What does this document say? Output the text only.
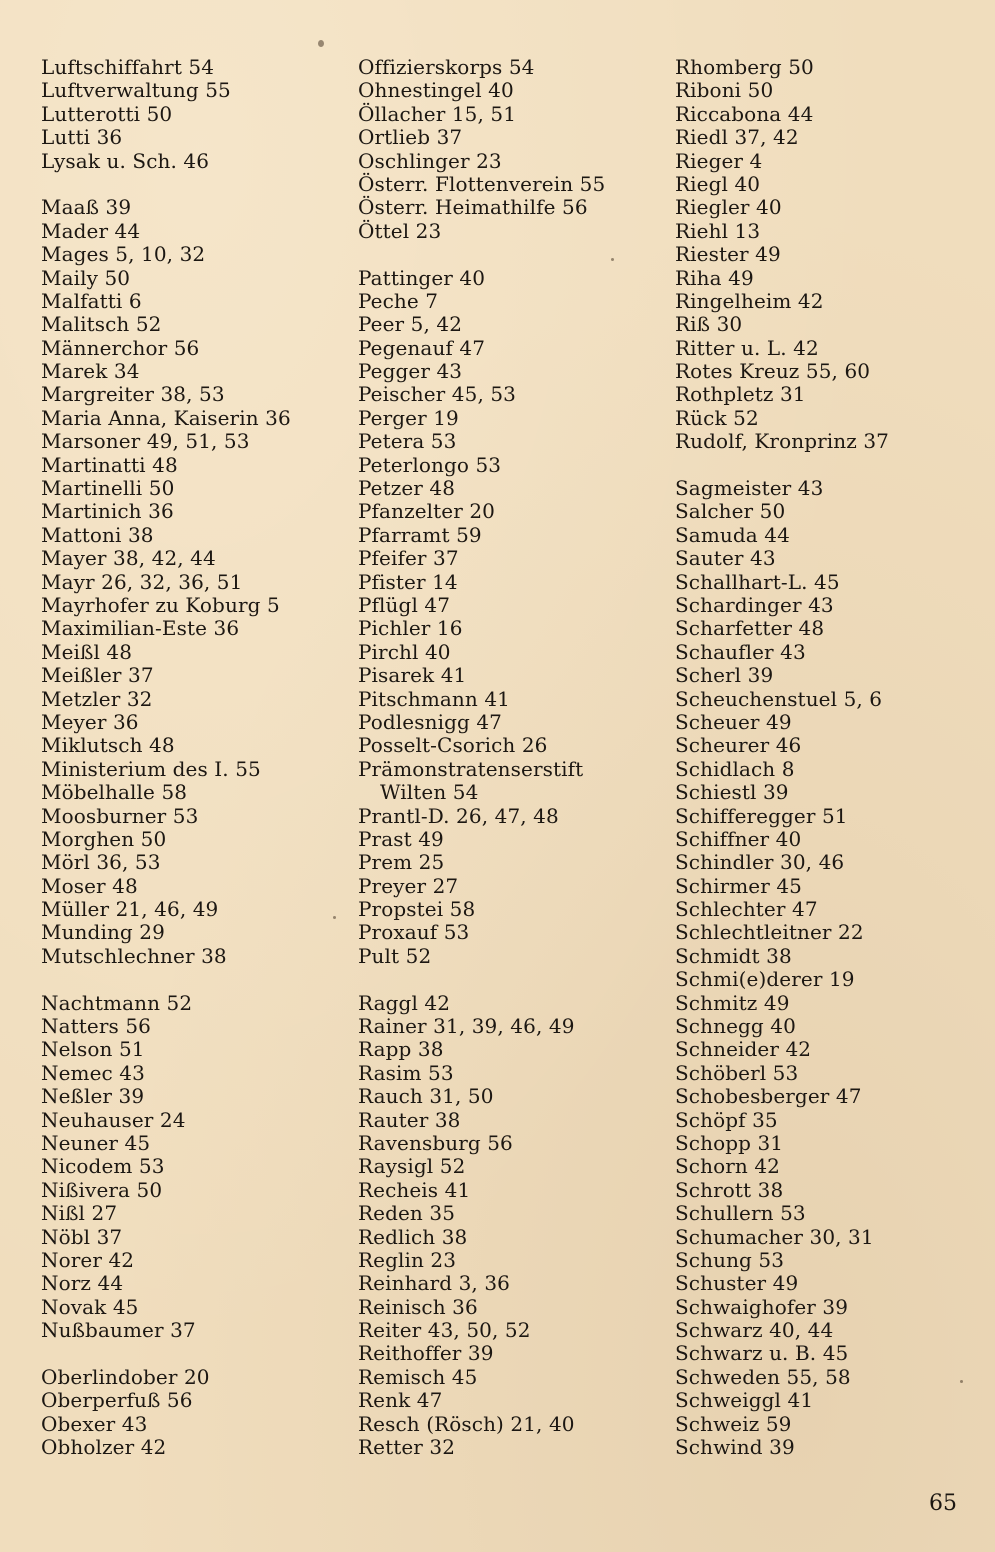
Luftschiffahrt 54
Luftverwaltung 55
Lutterotti 50
Lutti 36
Lysak u. Sch. 46
Maaß 39
Mader 44
Mages 5, 10, 32
Maily 50
Malfatti 6
Malitsch 52
Männerchor 56
Marek 34
Margreiter 38, 53
Maria Anna, Kaiserin 36
Marsoner 49, 51, 53
Martinatti 48
Martinelli 50
Martinich 36
Mattoni 38
Mayer 38, 42, 44
Mayr 26, 32, 36, 51
Mayrhofer zu Koburg 5
Maximilian-Este 36
Meißl 48
Meißler 37
Metzler 32
Meyer 36
Miklutsch 48
Ministerium des I. 55
Möbelhalle 58
Moosburner 53
Morghen 50
Mörl 36, 53
Moser 48
Müller 21, 46, 49
Munding 29
Mutschlechner 38
Nachtmann 52
Natters 56
Nelson 51
Nemec 43
Neßler 39
Neuhauser 24
Neuner 45
Nicodem 53
Nißivera 50
Nißl 27
Nöbl 37
Norer 42
Norz 44
Novak 45
Nußbaumer 37
Oberlindober 20
Oberperfuß 56
Obexer 43
Obholzer 42
Offizierskorps 54
Ohnestingel 40
Öllacher 15, 51
Ortlieb 37
Oschlinger 23
Österr. Flottenverein 55
Österr. Heimathilfe 56
Öttel 23
Pattinger 40
Peche 7
Peer 5, 42
Pegenauf 47
Pegger 43
Peischer 45, 53
Perger 19
Petera 53
Peterlongo 53
Petzer 48
Pfanzelter 20
Pfarramt 59
Pfeifer 37
Pfister 14
Pflügl 47
Pichler 16
Pirchl 40
Pisarek 41
Pitschmann 41
Podlesnigg 47
Posselt-Csorich 26
Prämonstratenserstift
Wilten 54
Prantl-D. 26, 47, 48
Prast 49
Prem 25
Preyer 27
Propstei 58
Proxauf 53
Pult 52
Raggl 42
Rainer 31, 39, 46, 49
Rapp 38
Rasim 53
Rauch 31, 50
Rauter 38
Ravensburg 56
Raysigl 52
Recheis 41
Reden 35
Redlich 38
Reglin 23
Reinhard 3, 36
Reinisch 36
Reiter 43, 50, 52
Reithoffer 39
Remisch 45
Renk 47
Resch (Rösch) 21, 40
Retter 32
Rhomberg 50
Riboni 50
Riccabona 44
Riedl 37, 42
Rieger 4
Riegl 40
Riegler 40
Riehl 13
Riester 49
Riha 49
Ringelheim 42
Riß 30
Ritter u. L. 42
Rotes Kreuz 55, 60
Rothpletz 31
Rück 52
Rudolf, Kronprinz 37
Sagmeister 43
Salcher 50
Samuda 44
Sauter 43
Schallhart-L. 45
Schardinger 43
Scharfetter 48
Schaufler 43
Scherl 39
Scheuchenstuel 5, 6
Scheuer 49
Scheurer 46
Schidlach 8
Schiestl 39
Schifferegger 51
Schiffner 40
Schindler 30, 46
Schirmer 45
Schlechter 47
Schlechtleitner 22
Schmidt 38
Schmi(e)derer 19
Schmitz 49
Schnegg 40
Schneider 42
Schöberl 53
Schobesberger 47
Schöpf 35
Schopp 31
Schorn 42
Schrott 38
Schullern 53
Schumacher 30, 31
Schung 53
Schuster 49
Schwaighofer 39
Schwarz 40, 44
Schwarz u. B. 45
Schweden 55, 58
Schweiggl 41
Schweiz 59
Schwind 39
65
